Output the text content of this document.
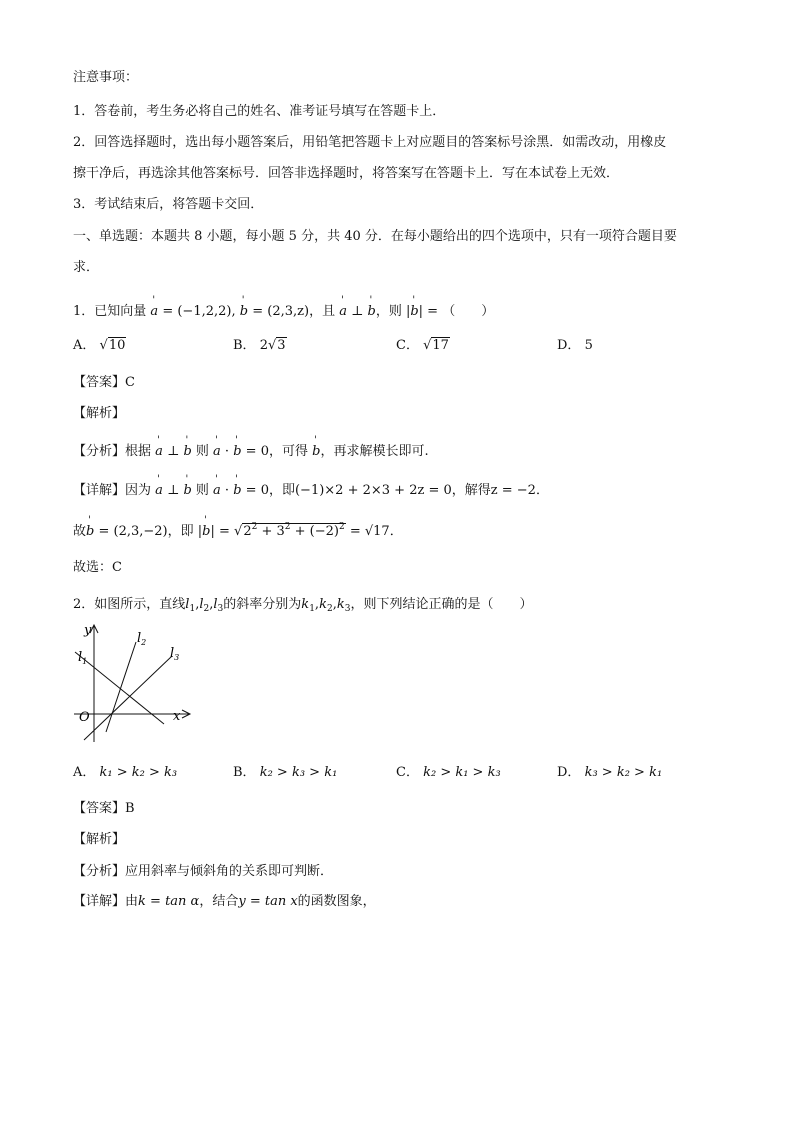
注意事项：
1．答卷前，考生务必将自己的姓名、准考证号填写在答题卡上．
2．回答选择题时，选出每小题答案后，用铅笔把答题卡上对应题目的答案标号涂黑．如需改动，用橡皮
擦干净后，再选涂其他答案标号．回答非选择题时，将答案写在答题卡上．写在本试卷上无效．
3．考试结束后，将答题卡交回．
一、单选题：本题共 8 小题，每小题 5 分，共 40 分．在每小题给出的四个选项中，只有一项符合题目要
求．
1．已知向量 ' a = (−1,2,2), ' b = (2,3,z)，且 ' a ⊥ ' b，则 |' b| = （　　）
A． √10	B． 2√3	C． √17	D． 5
【答案】C
【解析】
【分析】根据 ' a ⊥ ' b 则 ' a · ' b = 0，可得 ' b，再求解模长即可.
【详解】因为 ' a ⊥ ' b 则 ' a · ' b = 0，即(−1)×2 + 2×3 + 2z = 0，解得z = −2．
故' b = (2,3,−2)，即 |' $b| = √2^2 + 3^2 + (-2)^2 = √17$．
故选：C
2．如图所示，直线$l_1,l_2,l_3$的斜率分别为$k_1,k_2,k_3$，则下列结论正确的是（　　）
y
x
O
$l_1$
$l_2$
$l_3$
A． k₁ > k₂ > k₃	B． k₂ > k₃ > k₁	C． k₂ > k₁ > k₃	D． k₃ > k₂ > k₁
【答案】B
【解析】
【分析】应用斜率与倾斜角的关系即可判断．
【详解】由k = tan α，结合y = tan x的函数图象，
